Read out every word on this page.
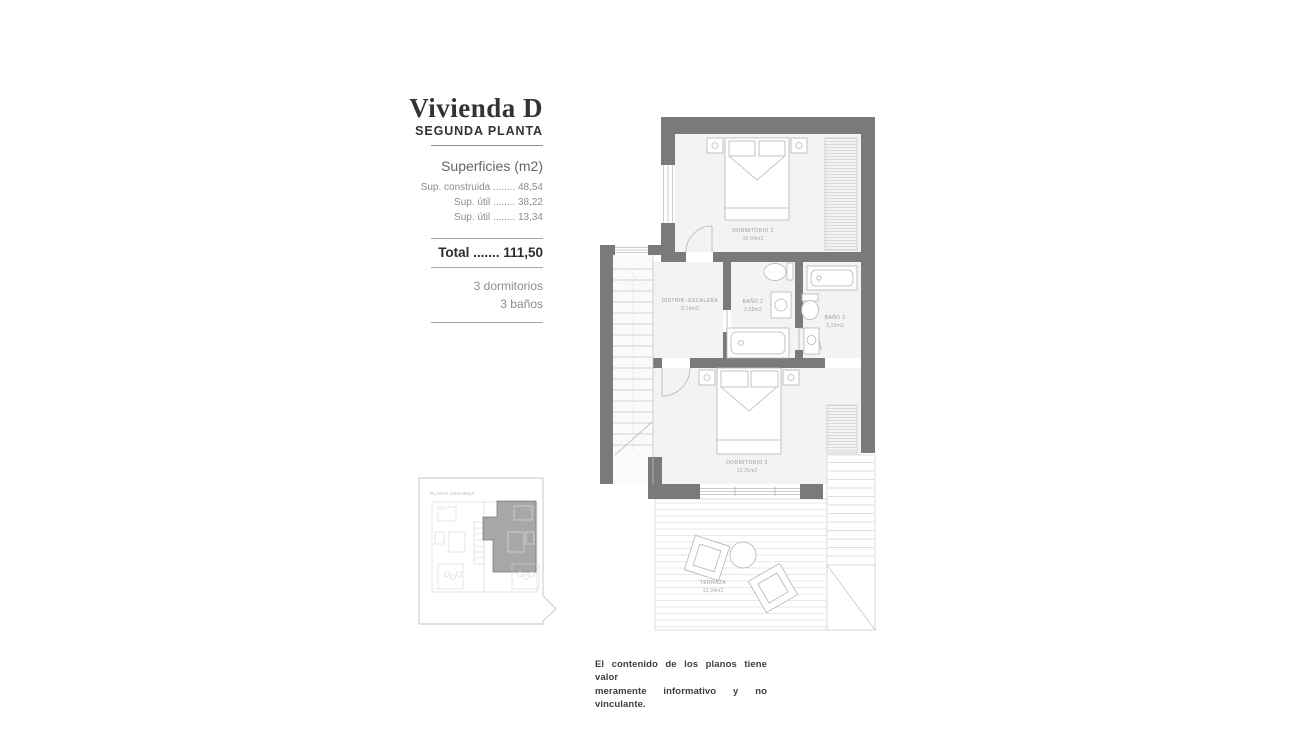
Vivienda D
SEGUNDA PLANTA
Superficies (m2)
Sup. construida ........ 48,54
Sup. útil ........ 38,22
Sup. útil ........ 13,34
Total ....... 111,50
3 dormitorios
3 baños
DORMITORIO 2
10,84m2
DISTRIB.-ESCALERA
8,14m2
BAÑO 2
3,58m2
BAÑO 3
3,15m2
DORMITORIO 3
12,25m2
TERRAZA
13,34m2
PLANTA SEGUNDA
El contenido de los planos tiene valor
meramente informativo y no vinculante.
